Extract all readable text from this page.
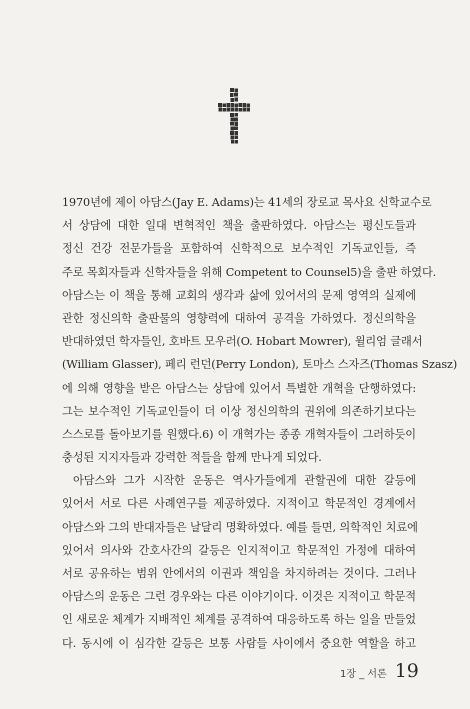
1970년에 제이 아담스(Jay E. Adams)는 41세의 장로교 목사요 신학교수로
서 상담에 대한 일대 변혁적인 책을 출판하였다. 아담스는 평신도들과
정신 건강 전문가들을 포함하여 신학적으로 보수적인 기독교인들, 즉
주로 목회자들과 신학자들을 위해 Competent to Counsel5)을 출판 하였다.
아담스는 이 책을 통해 교회의 생각과 삶에 있어서의 문제 영역의 실제에
관한 정신의학 출판물의 영향력에 대하여 공격을 가하였다. 정신의학을
반대하였던 학자들인, 호바트 모우러(O. Hobart Mowrer), 윌리엄 글래서
(William Glasser), 페리 런던(Perry London), 토마스 스자즈(Thomas Szasz)
에 의해 영향을 받은 아담스는 상담에 있어서 특별한 개혁을 단행하였다:
그는 보수적인 기독교인들이 더 이상 정신의학의 권위에 의존하기보다는
스스로를 돌아보기를 원했다.6) 이 개혁가는 종종 개혁자들이 그러하듯이
충성된 지지자들과 강력한 적들을 함께 만나게 되었다.
아담스와 그가 시작한 운동은 역사가들에게 관할권에 대한 갈등에
있어서 서로 다른 사례연구를 제공하였다. 지적이고 학문적인 경계에서
아담스와 그의 반대자들은 날달리 명확하였다. 예를 들면, 의학적인 치료에
있어서 의사와 간호사간의 갈등은 인지적이고 학문적인 가정에 대하여
서로 공유하는 범위 안에서의 이권과 책임을 차지하려는 것이다. 그러나
아담스의 운동은 그런 경우와는 다른 이야기이다. 이것은 지적이고 학문적
인 새로운 체계가 지배적인 체계를 공격하여 대응하도록 하는 일을 만들었
다. 동시에 이 심각한 갈등은 보통 사람들 사이에서 중요한 역할을 하고
1장 _ 서론 19
